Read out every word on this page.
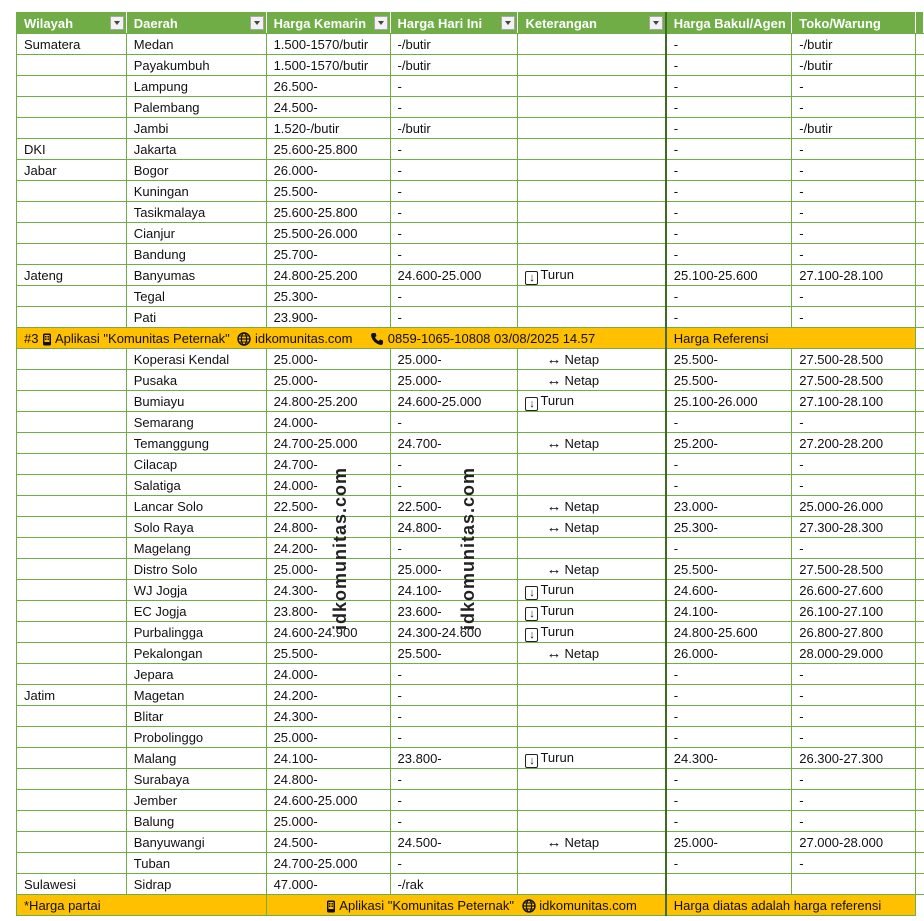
Wilayah	Daerah	Harga Kemarin	Harga Hari Ini	Keterangan	Harga Bakul/Agen	Toko/Warung	
Sumatera	Medan	1.500-1570/butir	-/butir		-	-/butir	
	Payakumbuh	1.500-1570/butir	-/butir		-	-/butir	
	Lampung	26.500-	-		-	-	
	Palembang	24.500-	-		-	-	
	Jambi	1.520-/butir	-/butir		-	-/butir	
DKI	Jakarta	25.600-25.800	-		-	-	
Jabar	Bogor	26.000-	-		-	-	
	Kuningan	25.500-	-		-	-	
	Tasikmalaya	25.600-25.800	-		-	-	
	Cianjur	25.500-26.000	-		-	-	
	Bandung	25.700-	-		-	-	
Jateng	Banyumas	24.800-25.200	24.600-25.000	↓ Turun	25.100-25.600	27.100-28.100	
	Tegal	25.300-	-		-	-	
	Pati	23.900-	-		-	-	
#3 Aplikasi "Komunitas Peternak" idkomunitas.com 0859-1065-10808 03/08/2025 14.57					Harga Referensi		
	Koperasi Kendal	25.000-	25.000-	↔ Netap	25.500-	27.500-28.500	
	Pusaka	25.000-	25.000-	↔ Netap	25.500-	27.500-28.500	
	Bumiayu	24.800-25.200	24.600-25.000	↓ Turun	25.100-26.000	27.100-28.100	
	Semarang	24.000-	-		-	-	
	Temanggung	24.700-25.000	24.700-	↔ Netap	25.200-	27.200-28.200	
	Cilacap	24.700-	-		-	-	
	Salatiga	24.000-	-		-	-	
	Lancar Solo	22.500-	22.500-	↔ Netap	23.000-	25.000-26.000	
	Solo Raya	24.800-	24.800-	↔ Netap	25.300-	27.300-28.300	
	Magelang	24.200-	-		-	-	
	Distro Solo	25.000-	25.000-	↔ Netap	25.500-	27.500-28.500	
	WJ Jogja	24.300-	24.100-	↓ Turun	24.600-	26.600-27.600	
	EC Jogja	23.800-	23.600-	↓ Turun	24.100-	26.100-27.100	
	Purbalingga	24.600-24.900	24.300-24.600	↓ Turun	24.800-25.600	26.800-27.800	
	Pekalongan	25.500-	25.500-	↔ Netap	26.000-	28.000-29.000	
	Jepara	24.000-	-		-	-	
Jatim	Magetan	24.200-	-		-	-	
	Blitar	24.300-	-		-	-	
	Probolinggo	25.000-	-		-	-	
	Malang	24.100-	23.800-	↓ Turun	24.300-	26.300-27.300	
	Surabaya	24.800-	-		-	-	
	Jember	24.600-25.000	-		-	-	
	Balung	25.000-	-		-	-	
	Banyuwangi	24.500-	24.500-	↔ Netap	25.000-	27.000-28.000	
	Tuban	24.700-25.000	-		-	-	
Sulawesi	Sidrap	47.000-	-/rak				
*Harga partai		Aplikasi "Komunitas Peternak" idkomunitas.com			Harga diatas adalah harga referensi		
idkomunitas.com	idkomunitas.com
